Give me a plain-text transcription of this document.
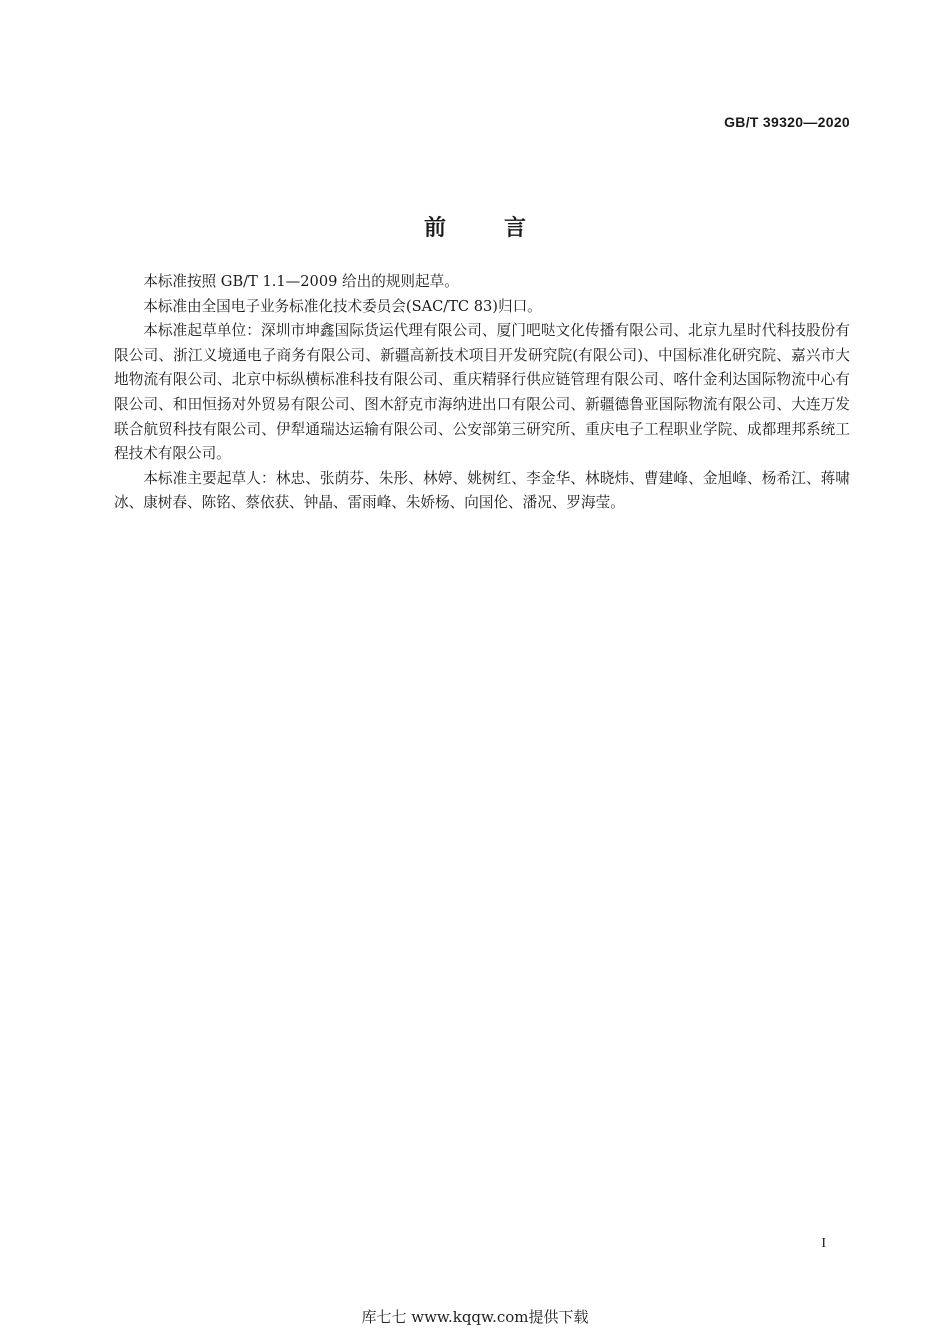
GB/T 39320—2020
前言

本标准按照 GB/T 1.1—2009 给出的规则起草。

本标准由全国电子业务标准化技术委员会(SAC/TC 83)归口。

本标准起草单位：深圳市坤鑫国际货运代理有限公司、厦门吧哒文化传播有限公司、北京九星时代科技股份有限公司、浙江义境通电子商务有限公司、新疆高新技术项目开发研究院(有限公司)、中国标准化研究院、嘉兴市大地物流有限公司、北京中标纵横标准科技有限公司、重庆精驿行供应链管理有限公司、喀什金利达国际物流中心有限公司、和田恒扬对外贸易有限公司、图木舒克市海纳进出口有限公司、新疆德鲁亚国际物流有限公司、大连万发联合航贸科技有限公司、伊犁通瑞达运输有限公司、公安部第三研究所、重庆电子工程职业学院、成都理邦系统工程技术有限公司。

本标准主要起草人：林忠、张荫芬、朱彤、林婷、姚树红、李金华、林晓炜、曹建峰、金旭峰、杨希江、蒋啸冰、康树春、陈铭、蔡依获、钟晶、雷雨峰、朱娇杨、向国伦、潘况、罗海莹。

I
库七七 www.kqqw.com提供下载
